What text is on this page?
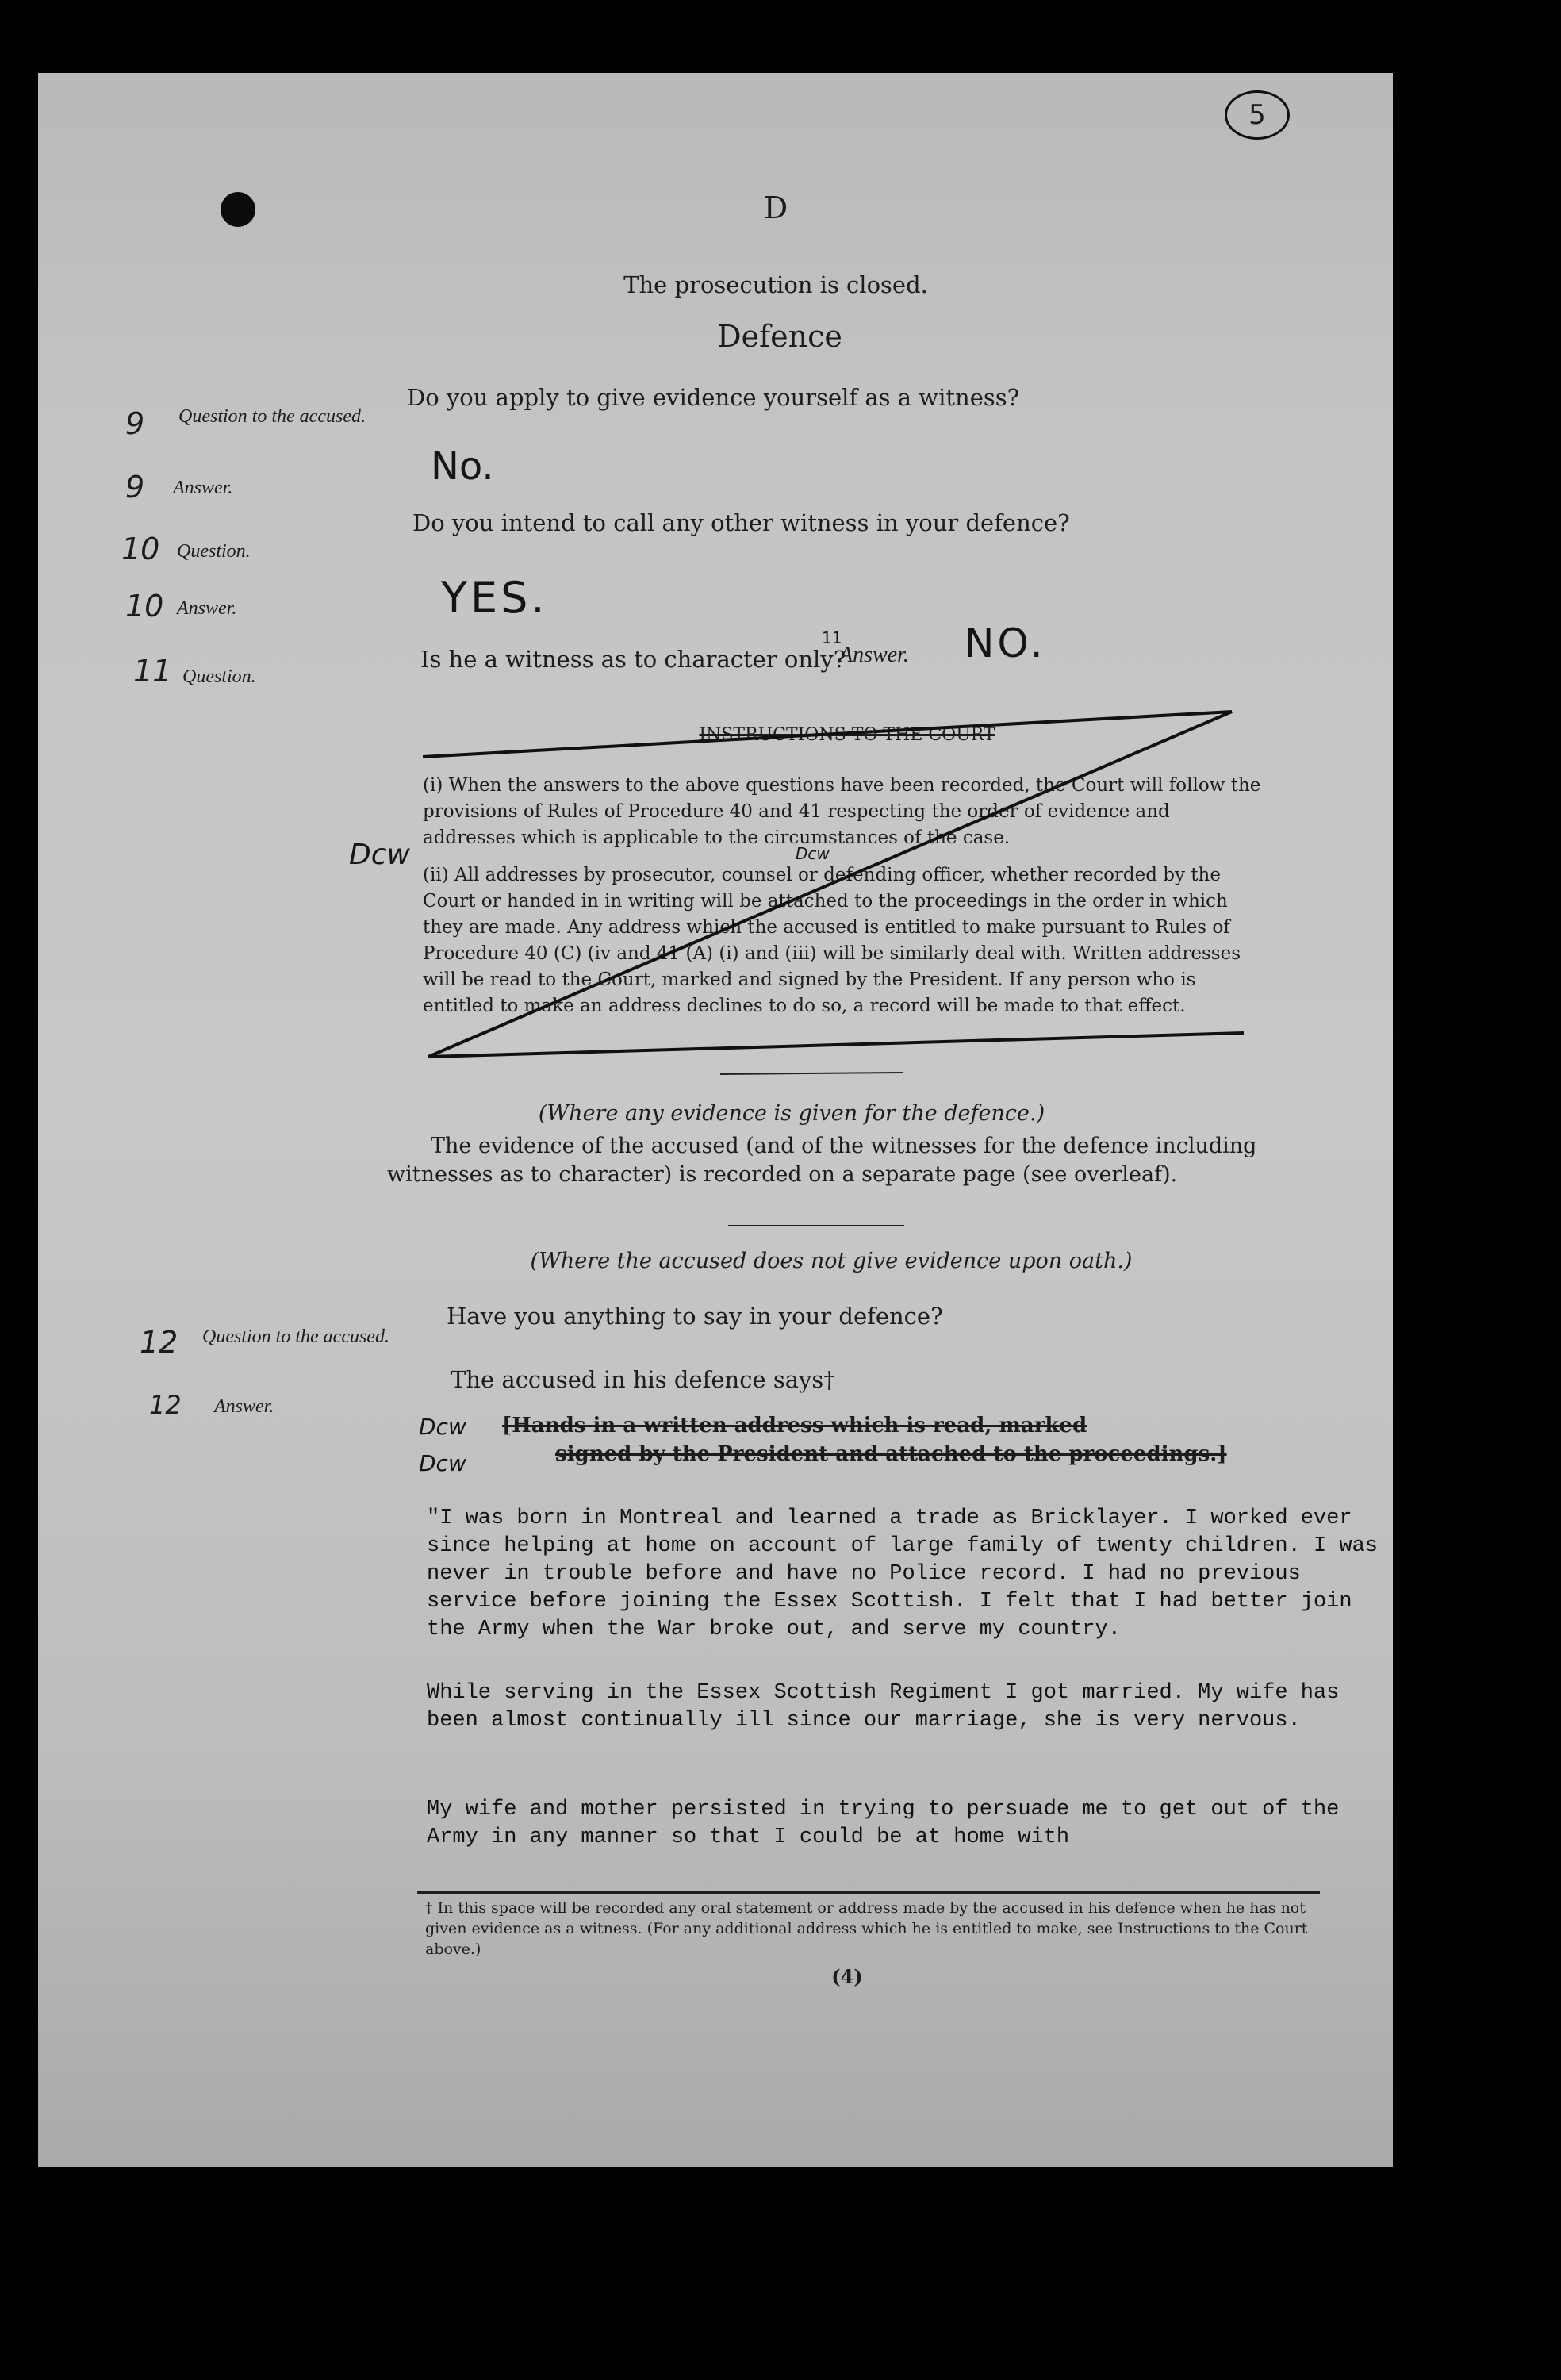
5
D
The prosecution is closed.
Defence
9	Question to the accused.
Do you apply to give evidence yourself as a witness?
9 Answer.	No.
10 Question.
Do you intend to call any other witness in your defence?
10 Answer.	YES.
11 Question.
Is he a witness as to character only?
11
Answer. NO.
INSTRUCTIONS TO THE COURT
(i) When the answers to the above questions have been recorded, the Court will follow the provisions of Rules of Procedure 40 and 41 respecting the order of evidence and addresses which is applicable to the circumstances of the case.
Dcw	Dcw
(ii) All addresses by prosecutor, counsel or defending officer, whether recorded by the Court or handed in in writing will be attached to the proceedings in the order in which they are made. Any address which the accused is entitled to make pursuant to Rules of Procedure 40 (C) (iv and 41 (A) (i) and (iii) will be similarly deal with. Written addresses will be read to the Court, marked and signed by the President. If any person who is entitled to make an address declines to do so, a record will be made to that effect.
(Where any evidence is given for the defence.)
The evidence of the accused (and of the witnesses for the defence including witnesses as to character) is recorded on a separate page (see overleaf).
(Where the accused does not give evidence upon oath.)
12 Question to the accused.
Have you anything to say in your defence?
12 Answer.
The accused in his defence says†
Dcw [Hands in a written address which is read, marked
Dcw	signed by the President and attached to the proceedings.]
"I was born in Montreal and learned a trade as Bricklayer. I worked ever since helping at home on account of large family of twenty children. I was never in trouble before and have no Police record. I had no previous service before joining the Essex Scottish. I felt that I had better join the Army when the War broke out, and serve my country.
While serving in the Essex Scottish Regiment I got married. My wife has been almost continually ill since our marriage, she is very nervous.
My wife and mother persisted in trying to persuade me to get out of the Army in any manner so that I could be at home with
† In this space will be recorded any oral statement or address made by the accused in his defence when he has not given evidence as a witness. (For any additional address which he is entitled to make, see Instructions to the Court above.)
(4)
